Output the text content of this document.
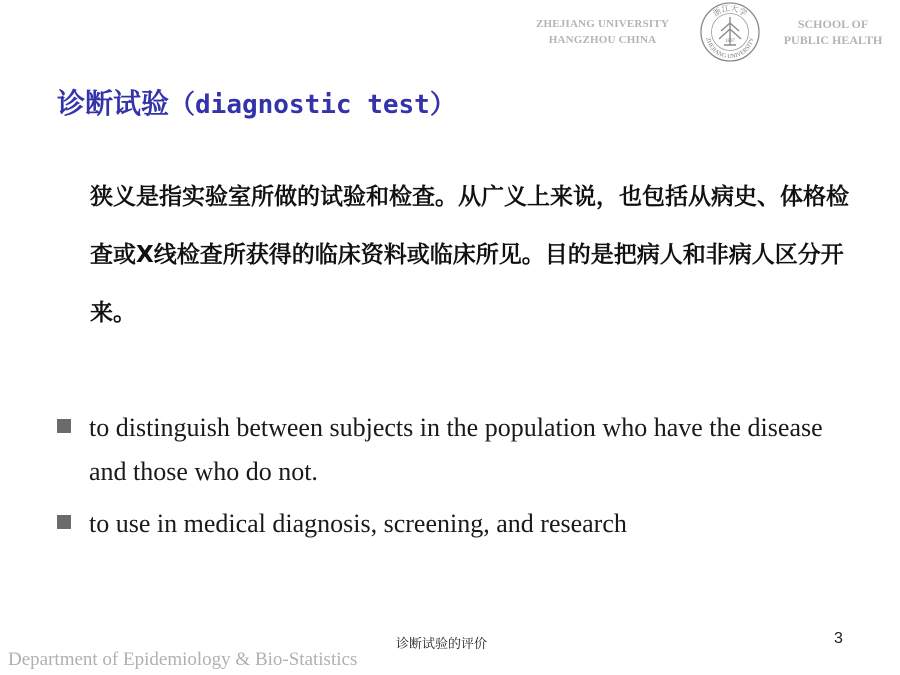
ZHEJIANG UNIVERSITY
HANGZHOU CHINA
浙江大学
ZHEJIANG UNIVERSITY
1897
SCHOOL OF
PUBLIC HEALTH
诊断试验（diagnostic test）

狭义是指实验室所做的试验和检查。从广义上来说，也包括从病史、体格检查或X线检查所获得的临床资料或临床所见。目的是把病人和非病人区分开来。

to distinguish between subjects in the population who have the disease and those who do not.
to use in medical diagnosis, screening, and research
诊断试验的评价	3
Department of Epidemiology & Bio-Statistics
